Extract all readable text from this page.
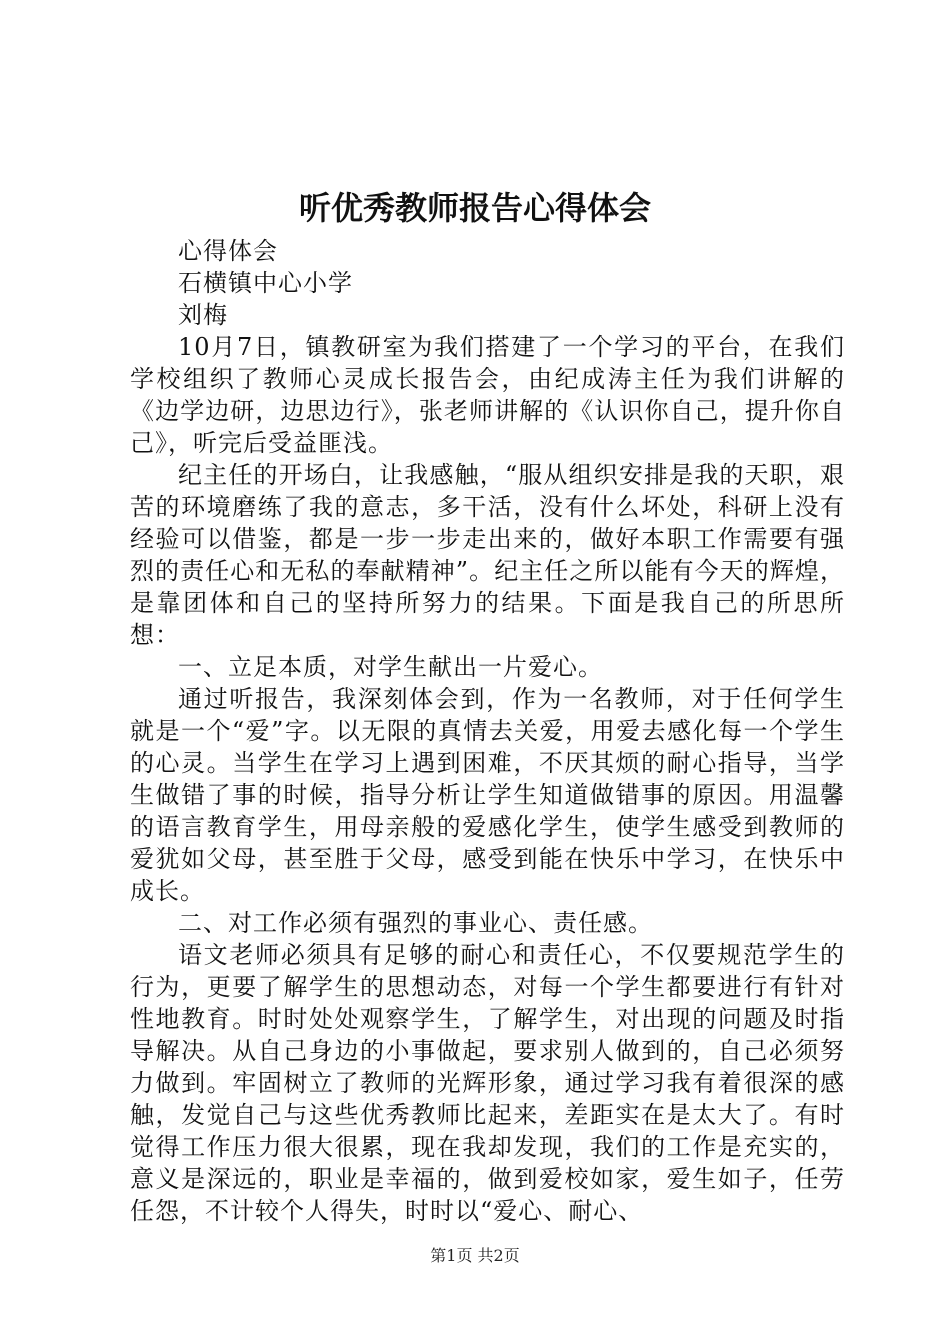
听优秀教师报告心得体会

心得体会

石横镇中心小学

刘梅

10月7日，镇教研室为我们搭建了一个学习的平台，在我们学校组织了教师心灵成长报告会，由纪成涛主任为我们讲解的《边学边研，边思边行》，张老师讲解的《认识你自己，提升你自己》，听完后受益匪浅。

纪主任的开场白，让我感触，“服从组织安排是我的天职，艰苦的环境磨练了我的意志，多干活，没有什么坏处，科研上没有经验可以借鉴，都是一步一步走出来的，做好本职工作需要有强烈的责任心和无私的奉献精神”。纪主任之所以能有今天的辉煌，是靠团体和自己的坚持所努力的结果。下面是我自己的所思所想：

一、立足本质，对学生献出一片爱心。

通过听报告，我深刻体会到，作为一名教师，对于任何学生就是一个“爱”字。以无限的真情去关爱，用爱去感化每一个学生的心灵。当学生在学习上遇到困难，不厌其烦的耐心指导，当学生做错了事的时候，指导分析让学生知道做错事的原因。用温馨的语言教育学生，用母亲般的爱感化学生，使学生感受到教师的爱犹如父母，甚至胜于父母，感受到能在快乐中学习，在快乐中成长。

二、对工作必须有强烈的事业心、责任感。

语文老师必须具有足够的耐心和责任心，不仅要规范学生的行为，更要了解学生的思想动态，对每一个学生都要进行有针对性地教育。时时处处观察学生，了解学生，对出现的问题及时指导解决。从自己身边的小事做起，要求别人做到的，自己必须努力做到。牢固树立了教师的光辉形象，通过学习我有着很深的感触，发觉自己与这些优秀教师比起来，差距实在是太大了。有时觉得工作压力很大很累，现在我却发现，我们的工作是充实的，意义是深远的，职业是幸福的，做到爱校如家，爱生如子，任劳任怨，不计较个人得失，时时以“爱心、耐心、

第1页 共2页
